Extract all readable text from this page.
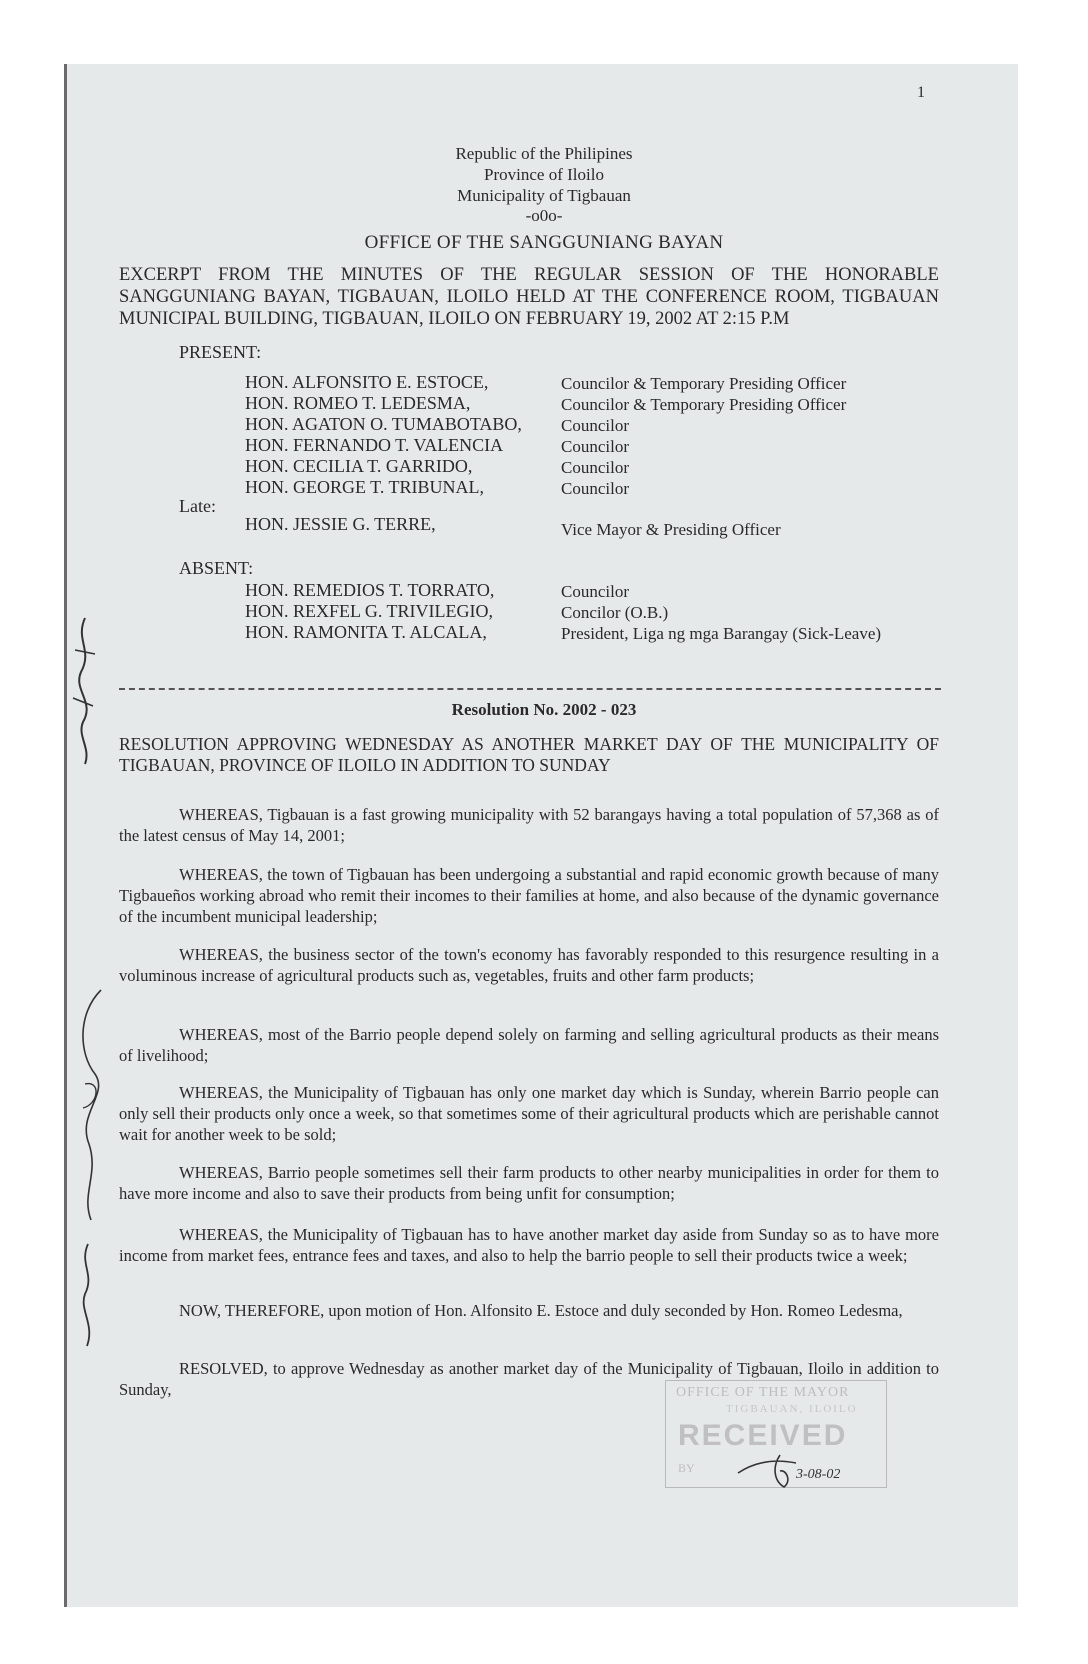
1
Republic of the Philipines
Province of Iloilo
Municipality of Tigbauan
-o0o-
OFFICE OF THE SANGGUNIANG BAYAN
EXCERPT FROM THE MINUTES OF THE REGULAR SESSION OF THE HONORABLE SANGGUNIANG BAYAN, TIGBAUAN, ILOILO HELD AT THE CONFERENCE ROOM, TIGBAUAN MUNICIPAL BUILDING, TIGBAUAN, ILOILO ON FEBRUARY 19, 2002 AT 2:15 P.M
PRESENT:
HON. ALFONSITO E. ESTOCE,	Councilor & Temporary Presiding Officer
HON. ROMEO T. LEDESMA,	Councilor & Temporary Presiding Officer
HON. AGATON O. TUMABOTABO, Councilor
HON. FERNANDO T. VALENCIA	Councilor
HON. CECILIA T. GARRIDO,	Councilor
HON. GEORGE T. TRIBUNAL,	Councilor
Late:
HON. JESSIE G. TERRE,	Vice Mayor & Presiding Officer
ABSENT:
HON. REMEDIOS T. TORRATO,	Councilor
HON. REXFEL G. TRIVILEGIO,	Concilor (O.B.)
HON. RAMONITA T. ALCALA,	President, Liga ng mga Barangay (Sick-Leave)
Resolution No. 2002 - 023
RESOLUTION APPROVING WEDNESDAY AS ANOTHER MARKET DAY OF THE MUNICIPALITY OF TIGBAUAN, PROVINCE OF ILOILO IN ADDITION TO SUNDAY
WHEREAS, Tigbauan is a fast growing municipality with 52 barangays having a total population of 57,368 as of the latest census of May 14, 2001;
WHEREAS, the town of Tigbauan has been undergoing a substantial and rapid economic growth because of many Tigbaueños working abroad who remit their incomes to their families at home, and also because of the dynamic governance of the incumbent municipal leadership;
WHEREAS, the business sector of the town's economy has favorably responded to this resurgence resulting in a voluminous increase of agricultural products such as, vegetables, fruits and other farm products;
WHEREAS, most of the Barrio people depend solely on farming and selling agricultural products as their means of livelihood;
WHEREAS, the Municipality of Tigbauan has only one market day which is Sunday, wherein Barrio people can only sell their products only once a week, so that sometimes some of their agricultural products which are perishable cannot wait for another week to be sold;
WHEREAS, Barrio people sometimes sell their farm products to other nearby municipalities in order for them to have more income and also to save their products from being unfit for consumption;
WHEREAS, the Municipality of Tigbauan has to have another market day aside from Sunday so as to have more income from market fees, entrance fees and taxes, and also to help the barrio people to sell their products twice a week;
NOW, THEREFORE, upon motion of Hon. Alfonsito E. Estoce and duly seconded by Hon. Romeo Ledesma,
RESOLVED, to approve Wednesday as another market day of the Municipality of Tigbauan, Iloilo in addition to Sunday,	OFFICE OF THE MAYOR
TIGBAUAN, ILOILO
RECEIVED
BY	3-08-02
